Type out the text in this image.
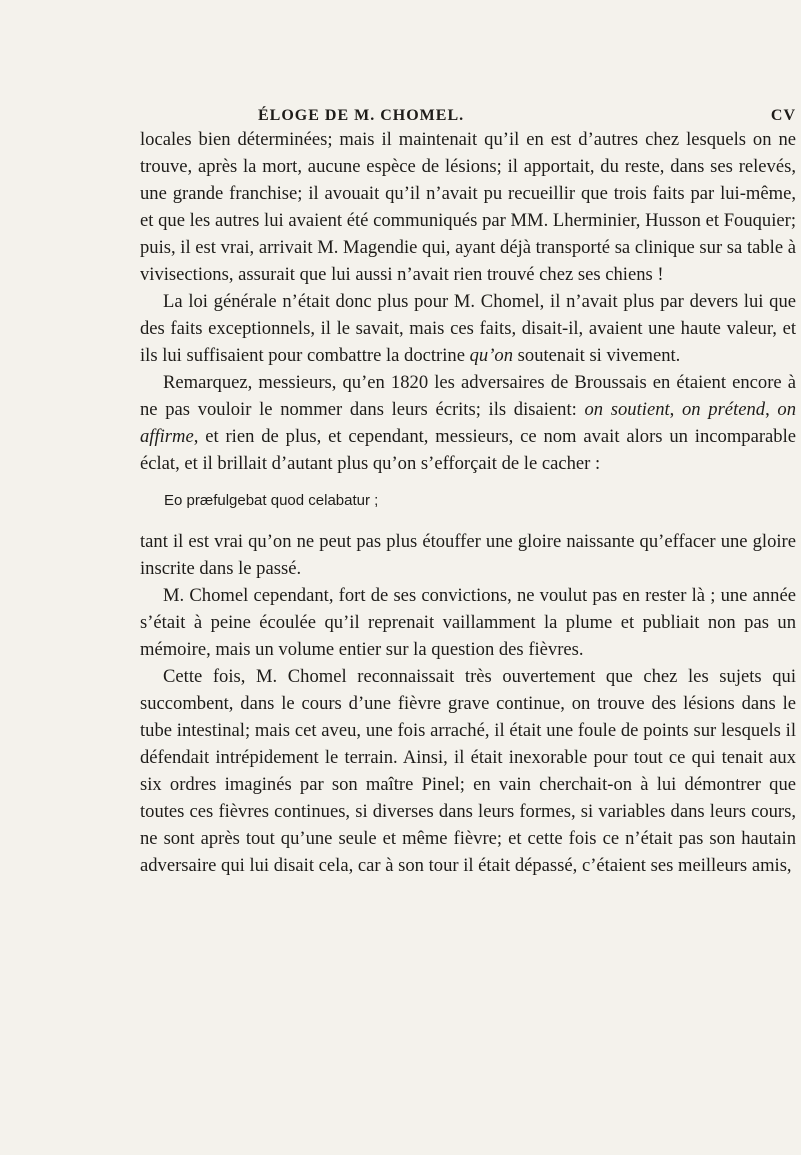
ÉLOGE DE M. CHOMEL.	CV

locales bien déterminées; mais il maintenait qu’il en est d’autres chez lesquels on ne trouve, après la mort, aucune espèce de lésions; il apportait, du reste, dans ses relevés, une grande franchise; il avouait qu’il n’avait pu recueillir que trois faits par lui-même, et que les autres lui avaient été communiqués par MM. Lherminier, Husson et Fouquier; puis, il est vrai, arrivait M. Magendie qui, ayant déjà transporté sa clinique sur sa table à vivisections, assurait que lui aussi n’avait rien trouvé chez ses chiens !

La loi générale n’était donc plus pour M. Chomel, il n’avait plus par devers lui que des faits exceptionnels, il le savait, mais ces faits, disait-il, avaient une haute valeur, et ils lui suffisaient pour combattre la doctrine qu’on soutenait si vivement.

Remarquez, messieurs, qu’en 1820 les adversaires de Broussais en étaient encore à ne pas vouloir le nommer dans leurs écrits; ils disaient: on soutient, on prétend, on affirme, et rien de plus, et cependant, messieurs, ce nom avait alors un incomparable éclat, et il brillait d’autant plus qu’on s’efforçait de le cacher :

Eo præfulgebat quod celabatur ;

tant il est vrai qu’on ne peut pas plus étouffer une gloire naissante qu’effacer une gloire inscrite dans le passé.

M. Chomel cependant, fort de ses convictions, ne voulut pas en rester là ; une année s’était à peine écoulée qu’il reprenait vaillamment la plume et publiait non pas un mémoire, mais un volume entier sur la question des fièvres.

Cette fois, M. Chomel reconnaissait très ouvertement que chez les sujets qui succombent, dans le cours d’une fièvre grave continue, on trouve des lésions dans le tube intestinal; mais cet aveu, une fois arraché, il était une foule de points sur lesquels il défendait intrépidement le terrain. Ainsi, il était inexorable pour tout ce qui tenait aux six ordres imaginés par son maître Pinel; en vain cherchait-on à lui démontrer que toutes ces fièvres continues, si diverses dans leurs formes, si variables dans leurs cours, ne sont après tout qu’une seule et même fièvre; et cette fois ce n’était pas son hautain adversaire qui lui disait cela, car à son tour il était dépassé, c’étaient ses meilleurs amis,
